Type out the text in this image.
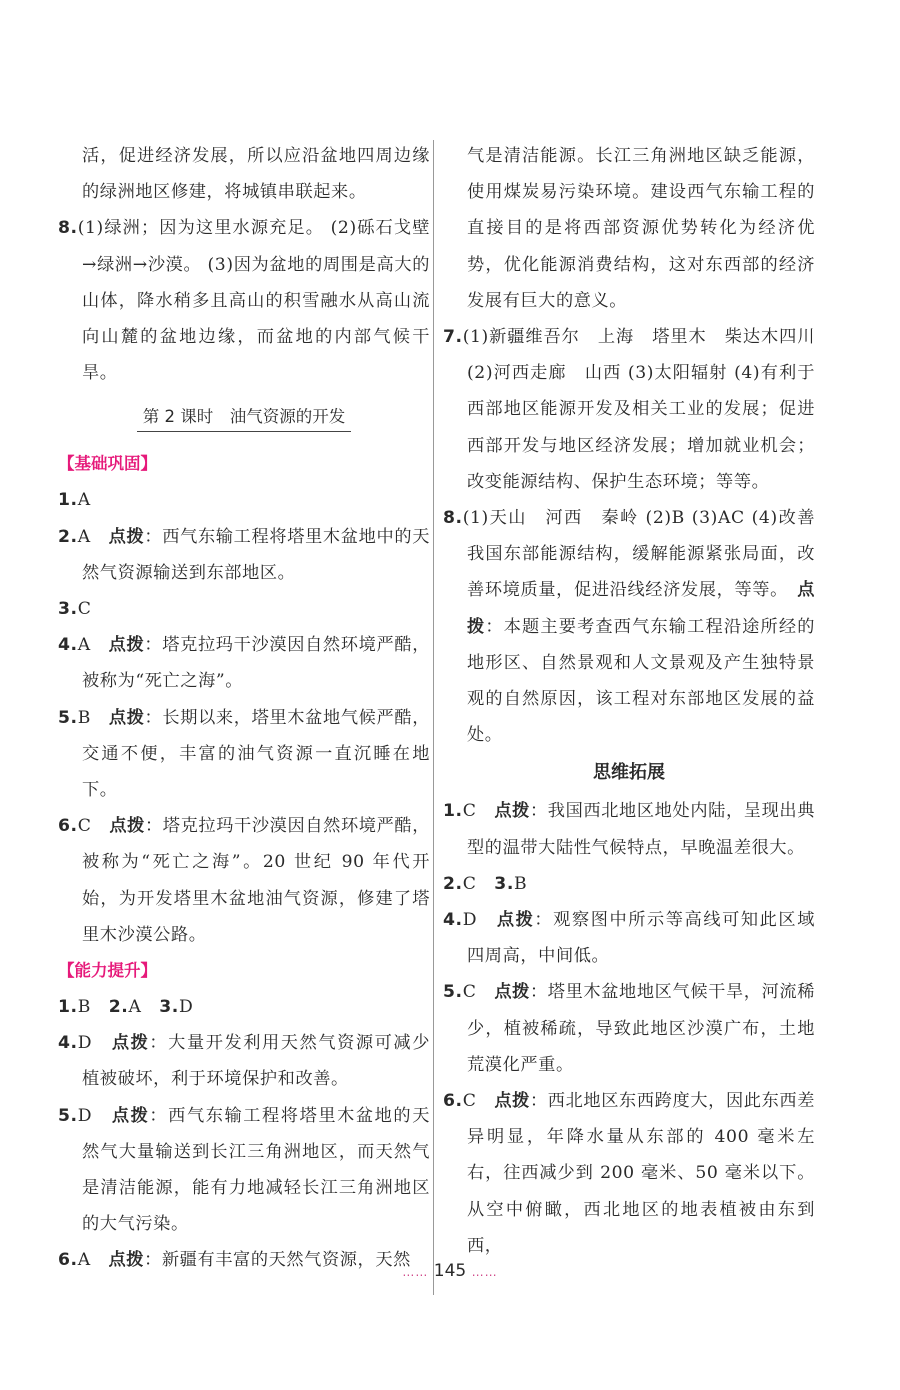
活，促进经济发展，所以应沿盆地四周边缘的绿洲地区修建，将城镇串联起来。

8.(1)绿洲；因为这里水源充足。 (2)砾石戈壁→绿洲→沙漠。 (3)因为盆地的周围是高大的山体，降水稍多且高山的积雪融水从高山流向山麓的盆地边缘，而盆地的内部气候干旱。

第 2 课时　油气资源的开发

【基础巩固】

1.A

2.A　 点拨：西气东输工程将塔里木盆地中的天然气资源输送到东部地区。

3.C

4.A　 点拨：塔克拉玛干沙漠因自然环境严酷，被称为“死亡之海”。

5.B　 点拨：长期以来，塔里木盆地气候严酷，交通不便，丰富的油气资源一直沉睡在地下。

6.C　 点拨：塔克拉玛干沙漠因自然环境严酷，被称为“死亡之海”。20 世纪 90 年代开始，为开发塔里木盆地油气资源，修建了塔里木沙漠公路。

【能力提升】

1.B　 2.A　 3.D

4.D　 点拨：大量开发利用天然气资源可减少植被破坏，利于环境保护和改善。

5.D　 点拨：西气东输工程将塔里木盆地的天然气大量输送到长江三角洲地区，而天然气是清洁能源，能有力地减轻长江三角洲地区的大气污染。

6.A　 点拨：新疆有丰富的天然气资源，天然

气是清洁能源。长江三角洲地区缺乏能源，使用煤炭易污染环境。建设西气东输工程的直接目的是将西部资源优势转化为经济优势，优化能源消费结构，这对东西部的经济发展有巨大的意义。

7.(1)新疆维吾尔　上海　塔里木　柴达木四川 (2)河西走廊　山西 (3)太阳辐射 (4)有利于西部地区能源开发及相关工业的发展；促进西部开发与地区经济发展；增加就业机会；改变能源结构、保护生态环境；等等。

8.(1)天山　河西　秦岭 (2)B (3)AC (4)改善我国东部能源结构，缓解能源紧张局面，改善环境质量，促进沿线经济发展，等等。　 点拨：本题主要考查西气东输工程沿途所经的地形区、自然景观和人文景观及产生独特景观的自然原因，该工程对东部地区发展的益处。

思维拓展

1.C　 点拨：我国西北地区地处内陆，呈现出典型的温带大陆性气候特点，早晚温差很大。

2.C　 3.B

4.D　 点拨：观察图中所示等高线可知此区域四周高，中间低。

5.C　 点拨：塔里木盆地地区气候干旱，河流稀少，植被稀疏，导致此地区沙漠广布，土地荒漠化严重。

6.C　 点拨：西北地区东西跨度大，因此东西差异明显，年降水量从东部的 400 毫米左右，往西减少到 200 毫米、50 毫米以下。从空中俯瞰，西北地区的地表植被由东到西，

…… 145 ……
